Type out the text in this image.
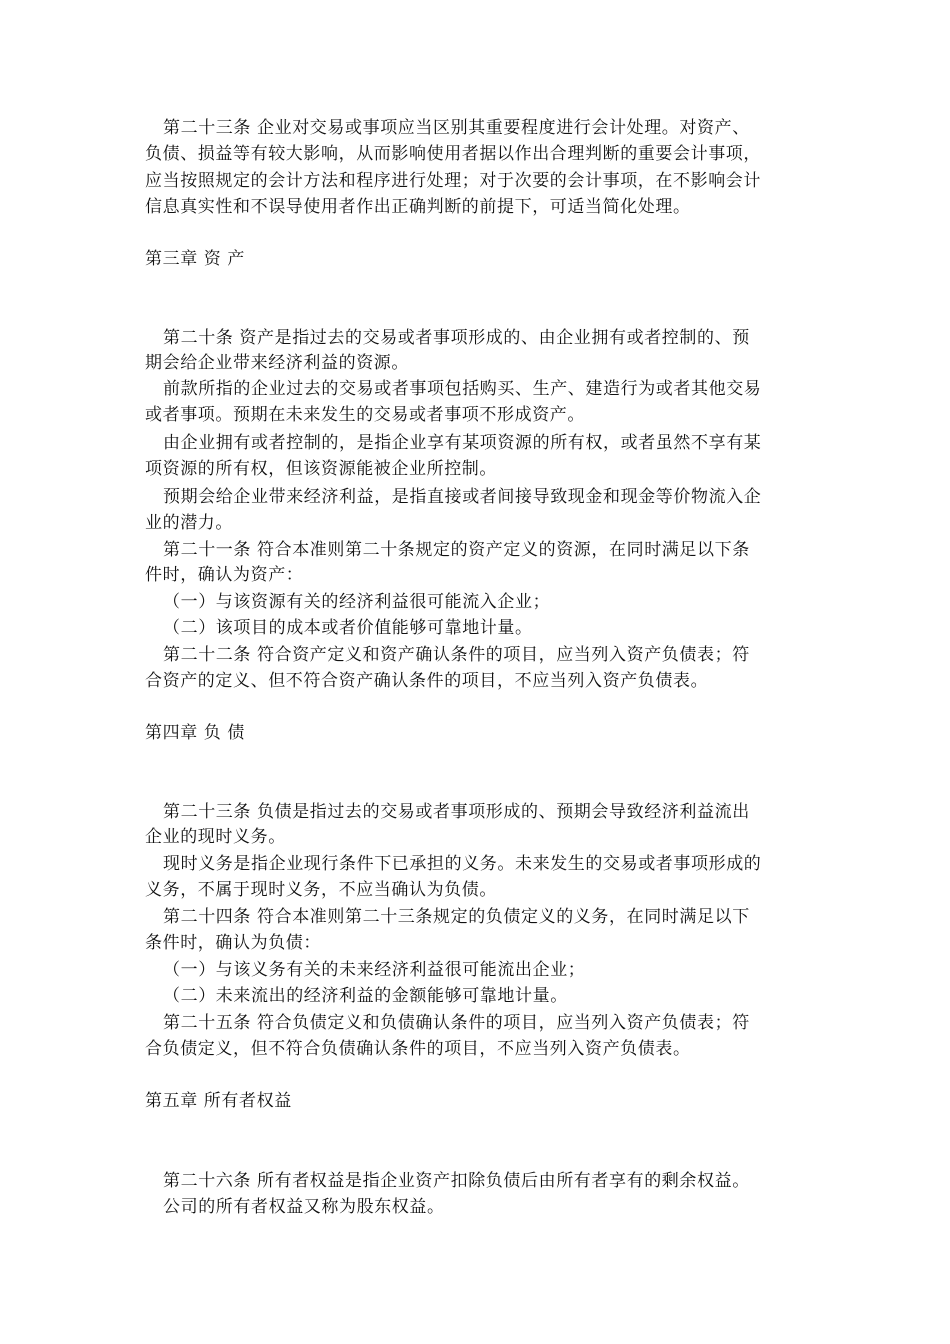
第二十三条 企业对交易或事项应当区别其重要程度进行会计处理。对资产、
负债、损益等有较大影响，从而影响使用者据以作出合理判断的重要会计事项，
应当按照规定的会计方法和程序进行处理；对于次要的会计事项，在不影响会计
信息真实性和不误导使用者作出正确判断的前提下，可适当简化处理。
第三章 资 产
第二十条 资产是指过去的交易或者事项形成的、由企业拥有或者控制的、预
期会给企业带来经济利益的资源。
前款所指的企业过去的交易或者事项包括购买、生产、建造行为或者其他交易
或者事项。预期在未来发生的交易或者事项不形成资产。
由企业拥有或者控制的，是指企业享有某项资源的所有权，或者虽然不享有某
项资源的所有权，但该资源能被企业所控制。
预期会给企业带来经济利益，是指直接或者间接导致现金和现金等价物流入企
业的潜力。
第二十一条 符合本准则第二十条规定的资产定义的资源，在同时满足以下条
件时，确认为资产：
（一）与该资源有关的经济利益很可能流入企业；
（二）该项目的成本或者价值能够可靠地计量。
第二十二条 符合资产定义和资产确认条件的项目，应当列入资产负债表；符
合资产的定义、但不符合资产确认条件的项目，不应当列入资产负债表。
第四章 负 债
第二十三条 负债是指过去的交易或者事项形成的、预期会导致经济利益流出
企业的现时义务。
现时义务是指企业现行条件下已承担的义务。未来发生的交易或者事项形成的
义务，不属于现时义务，不应当确认为负债。
第二十四条 符合本准则第二十三条规定的负债定义的义务，在同时满足以下
条件时，确认为负债：
（一）与该义务有关的未来经济利益很可能流出企业；
（二）未来流出的经济利益的金额能够可靠地计量。
第二十五条 符合负债定义和负债确认条件的项目，应当列入资产负债表；符
合负债定义，但不符合负债确认条件的项目，不应当列入资产负债表。
第五章 所有者权益
第二十六条 所有者权益是指企业资产扣除负债后由所有者享有的剩余权益。
公司的所有者权益又称为股东权益。
